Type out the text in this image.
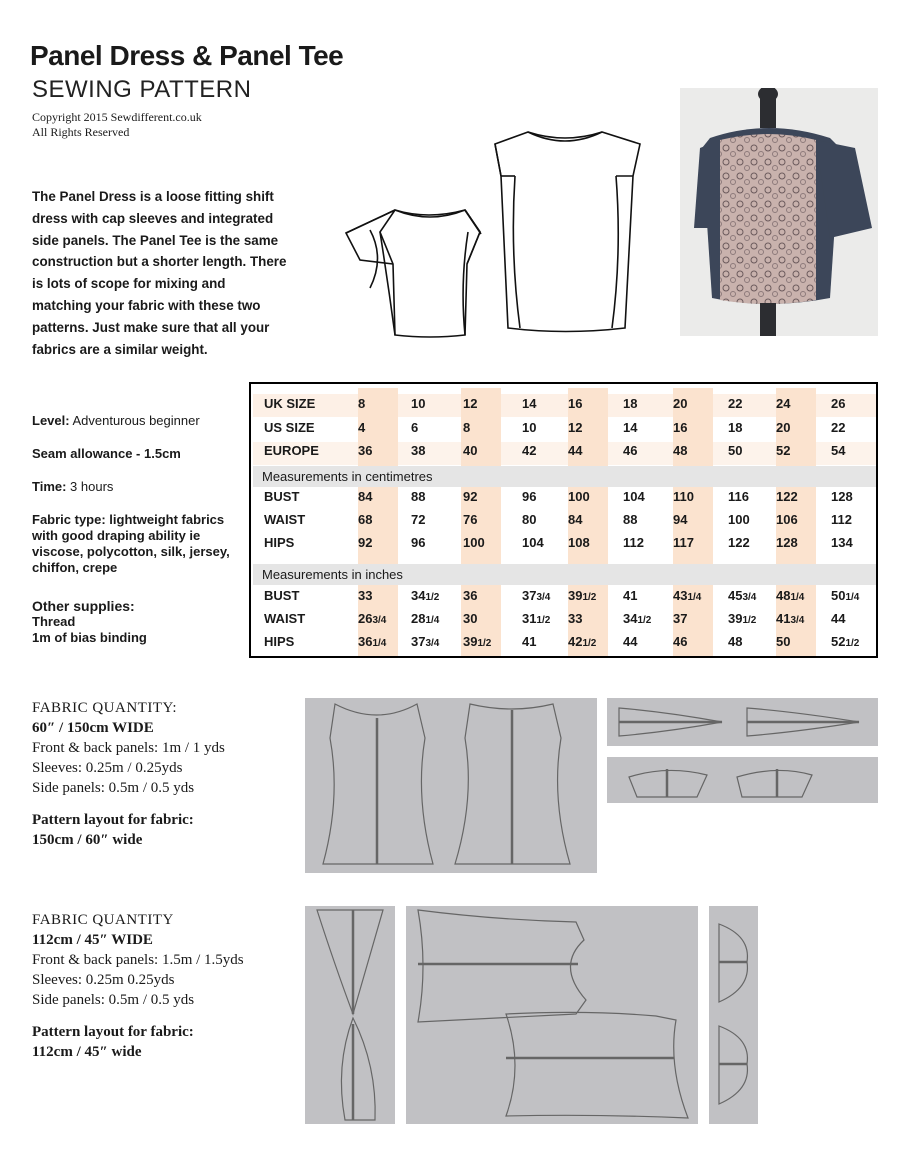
Panel Dress & Panel Tee
SEWING PATTERN
Copyright 2015 Sewdifferent.co.uk
All Rights Reserved
The Panel Dress is a loose fitting shift dress with cap sleeves and integrated side panels. The Panel Tee is the same construction but a shorter length. There is lots of scope for mixing and matching your fabric with these two patterns. Just make sure that all your fabrics are a similar weight.
Level: Adventurous beginner
Seam allowance - 1.5cm
Time: 3 hours
Fabric type: lightweight fabrics with good draping ability ie viscose, polycotton, silk, jersey, chiffon, crepe
Other supplies:
Thread
1m of bias binding
Measurements in centimetres
Measurements in inches
UK SIZE	8	10	12	14	16	18	20	22	24	26
US SIZE	4	6	8	10	12	14	16	18	20	22
EUROPE	36	38	40	42	44	46	48	50	52	54
BUST	84	88	92	96	100	104	110	116	122	128
WAIST	68	72	76	80	84	88	94	100	106	112
HIPS	92	96	100	104	108	112	117	122	128	134
BUST	33	341/2	36	373/4	391/2	41	431/4	453/4	481/4	501/4
WAIST	263/4	281/4	30	311/2	33	341/2	37	391/2	413/4	44
HIPS	361/4	373/4	391/2	41	421/2	44	46	48	50	521/2
FABRIC QUANTITY:
60″ / 150cm WIDE
Front & back panels: 1m / 1 yds
Sleeves: 0.25m / 0.25yds
Side panels: 0.5m / 0.5 yds
Pattern layout for fabric:
150cm / 60″ wide
FABRIC QUANTITY
112cm / 45″ WIDE
Front & back panels: 1.5m / 1.5yds
Sleeves: 0.25m 0.25yds
Side panels: 0.5m / 0.5 yds
Pattern layout for fabric:
112cm / 45″ wide
